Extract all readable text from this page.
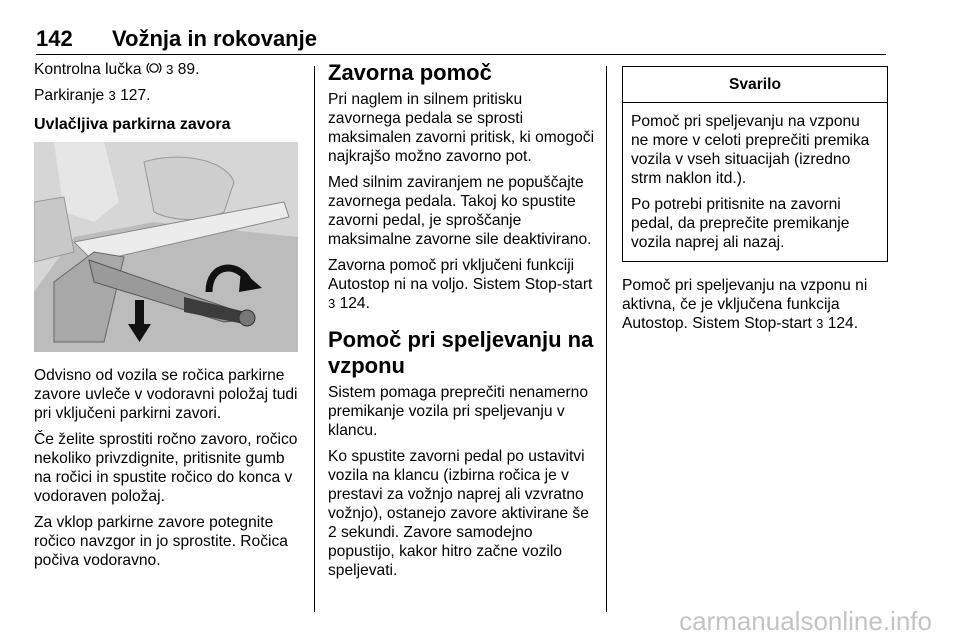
142 Vožnja in rokovanje

Kontrolna lučka  3 89.

Parkiranje 3 127.

Uvlačljiva parkirna zavora

Odvisno od vozila se ročica parkirne zavore uvleče v vodoravni položaj tudi pri vključeni parkirni zavori.

Če želite sprostiti ročno zavoro, ročico nekoliko privzdignite, pritisnite gumb na ročici in spustite ročico do konca v vodoraven položaj.

Za vklop parkirne zavore potegnite ročico navzgor in jo sprostite. Ročica počiva vodoravno.

Zavorna pomoč

Pri naglem in silnem pritisku zavornega pedala se sprosti maksimalen zavorni pritisk, ki omogoči najkrajšo možno zavorno pot.

Med silnim zaviranjem ne popuščajte zavornega pedala. Takoj ko spustite zavorni pedal, je sproščanje maksimalne zavorne sile deaktivirano.

Zavorna pomoč pri vključeni funkciji Autostop ni na voljo. Sistem Stop-start 3 124.

Pomoč pri speljevanju na vzponu

Sistem pomaga preprečiti nenamerno premikanje vozila pri speljevanju v klancu.

Ko spustite zavorni pedal po ustavitvi vozila na klancu (izbirna ročica je v prestavi za vožnjo naprej ali vzvratno vožnjo), ostanejo zavore aktivirane še 2 sekundi. Zavore samodejno popustijo, kakor hitro začne vozilo speljevati.

Svarilo

Pomoč pri speljevanju na vzponu ne more v celoti preprečiti premika vozila v vseh situacijah (izredno strm naklon itd.).

Po potrebi pritisnite na zavorni pedal, da preprečite premikanje vozila naprej ali nazaj.

Pomoč pri speljevanju na vzponu ni aktivna, če je vključena funkcija Autostop. Sistem Stop-start 3 124.

carmanualsonline.info
